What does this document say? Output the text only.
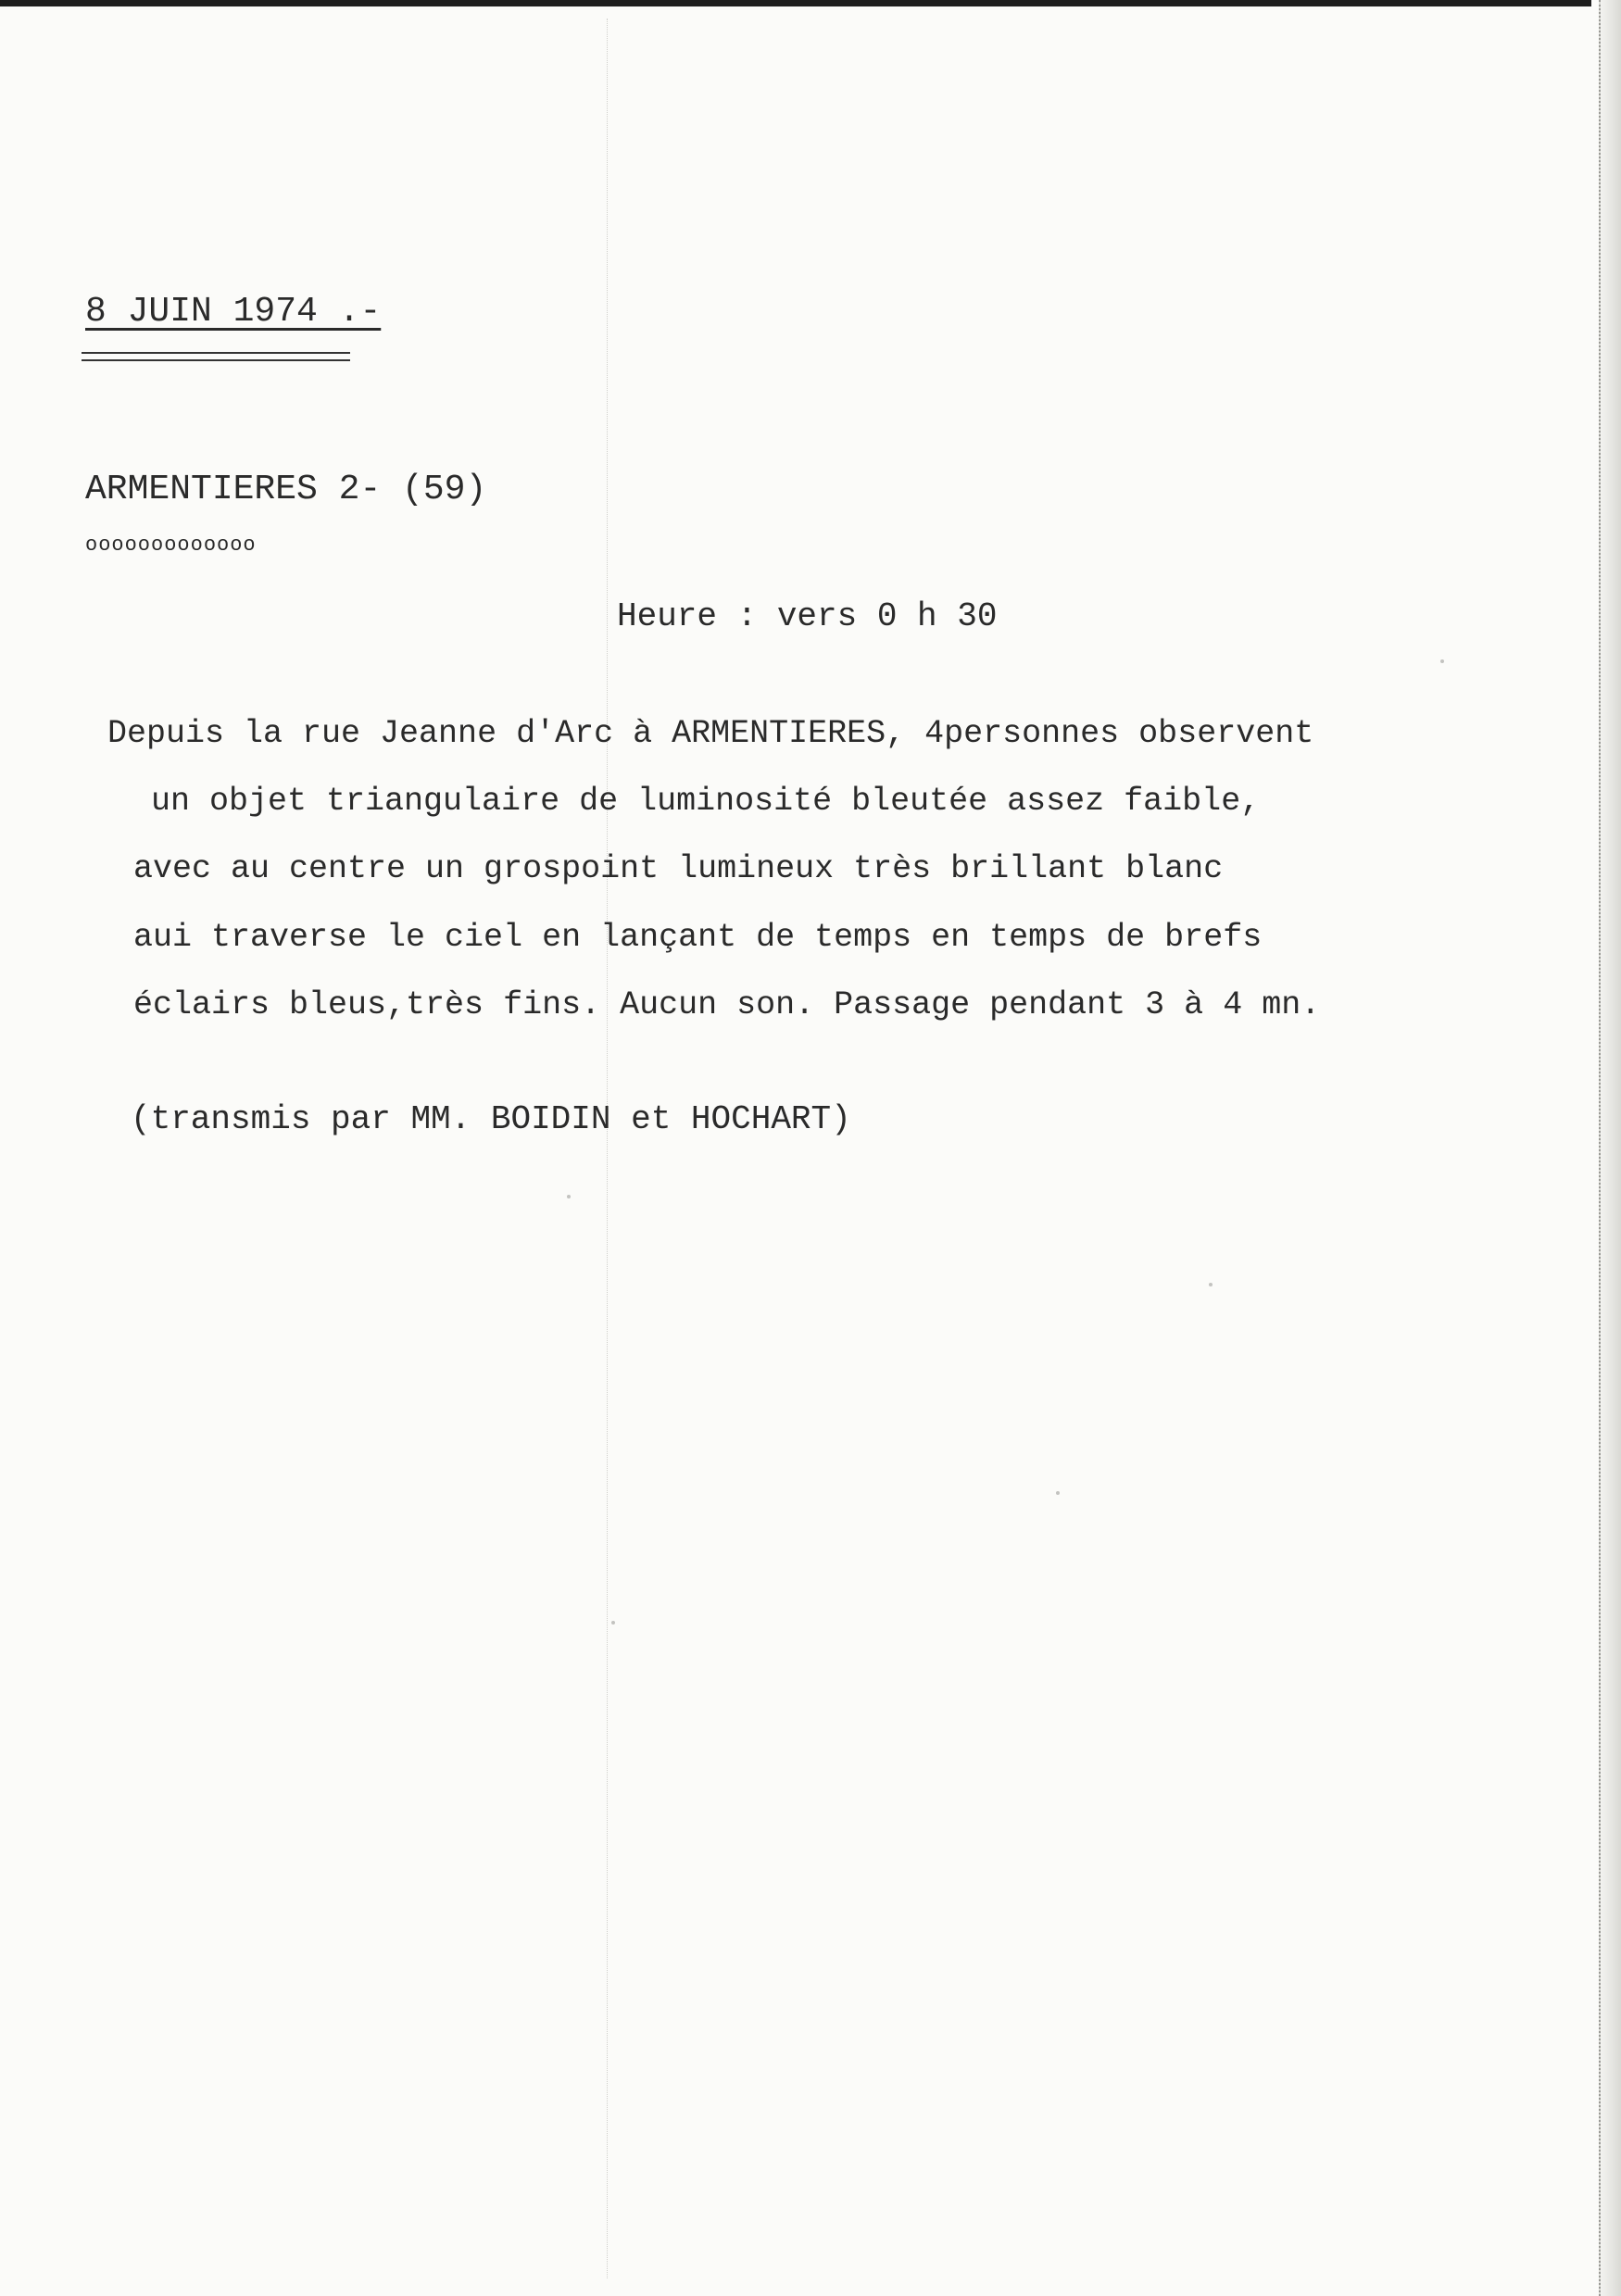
8 JUIN 1974 .-
ARMENTIERES 2- (59)
ooooooooooooo
Heure : vers 0 h 30
Depuis la rue Jeanne d'Arc à ARMENTIERES, 4personnes observent
un objet triangulaire de luminosité bleutée assez faible,
avec au centre un grospoint lumineux très brillant blanc
aui traverse le ciel en lançant de temps en temps de brefs
éclairs bleus,très fins. Aucun son. Passage pendant 3 à 4 mn.
(transmis par MM. BOIDIN et HOCHART)
